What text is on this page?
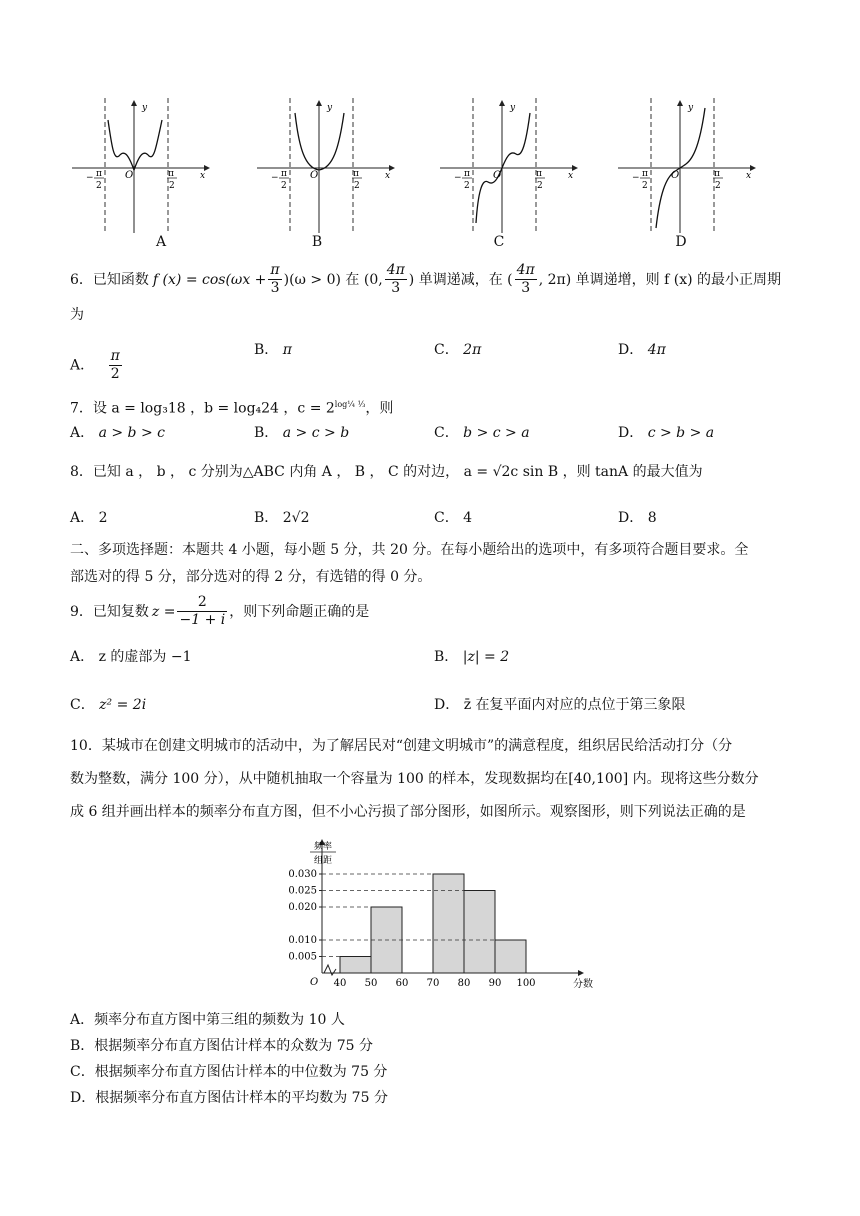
y
x
O
− π
2
π
2
A
y
x
O
− π
2
π
2
B
y
x
O
− π
2
π
2
C
y
x
O
− π
2
π
2
D
6．已知函数 f $(x) = \cos(\omega x + \frac{\pi}{3} )(\omega > 0)$ 在 (0, $\frac{4\pi}{3}$ ) 单调递减，在 ( $\frac{4\pi}{3}$ , 2π) 单调递增，则 f (x) 的最小正周期
为
A． $\frac{\pi}{2}$	B． π	C． 2π	D． 4π
7．设 a = log₃18 ，b = log₄24 ，$c = 2^{log\frac{1}{4} \frac{1}{3}}$，则
A． a > b > c	B． a > c > b	C． b > c > a	D． c > b > a
8．已知 a ， b ， c 分别为△ABC 内角 A ， B ， C 的对边， a = √2c sin B ，则 tanA 的最大值为
A． 2	B． 2√2	C． 4	D． 8
二、多项选择题：本题共 4 小题，每小题 5 分，共 20 分。在每小题给出的选项中，有多项符合题目要求。全
部选对的得 5 分，部分选对的得 2 分，有选错的得 0 分。
9．已知复数 $z = \frac{2}{-1 + i}$ ，则下列命题正确的是
A． z 的虚部为 −1	B． |z| = 2
C． z² = 2i	D． z̄ 在复平面内对应的点位于第三象限
10．某城市在创建文明城市的活动中，为了解居民对“创建文明城市”的满意程度，组织居民给活动打分（分
数为整数，满分 100 分），从中随机抽取一个容量为 100 的样本，发现数据均在[40,100] 内。现将这些分数分
成 6 组并画出样本的频率分布直方图，但不小心污损了部分图形，如图所示。观察图形，则下列说法正确的是
0.005
0.010
0.020
0.025
0.030
40 50 60 70 80 90 100
频率
组距
分数
O
A．频率分布直方图中第三组的频数为 10 人
B．根据频率分布直方图估计样本的众数为 75 分
C．根据频率分布直方图估计样本的中位数为 75 分
D．根据频率分布直方图估计样本的平均数为 75 分
